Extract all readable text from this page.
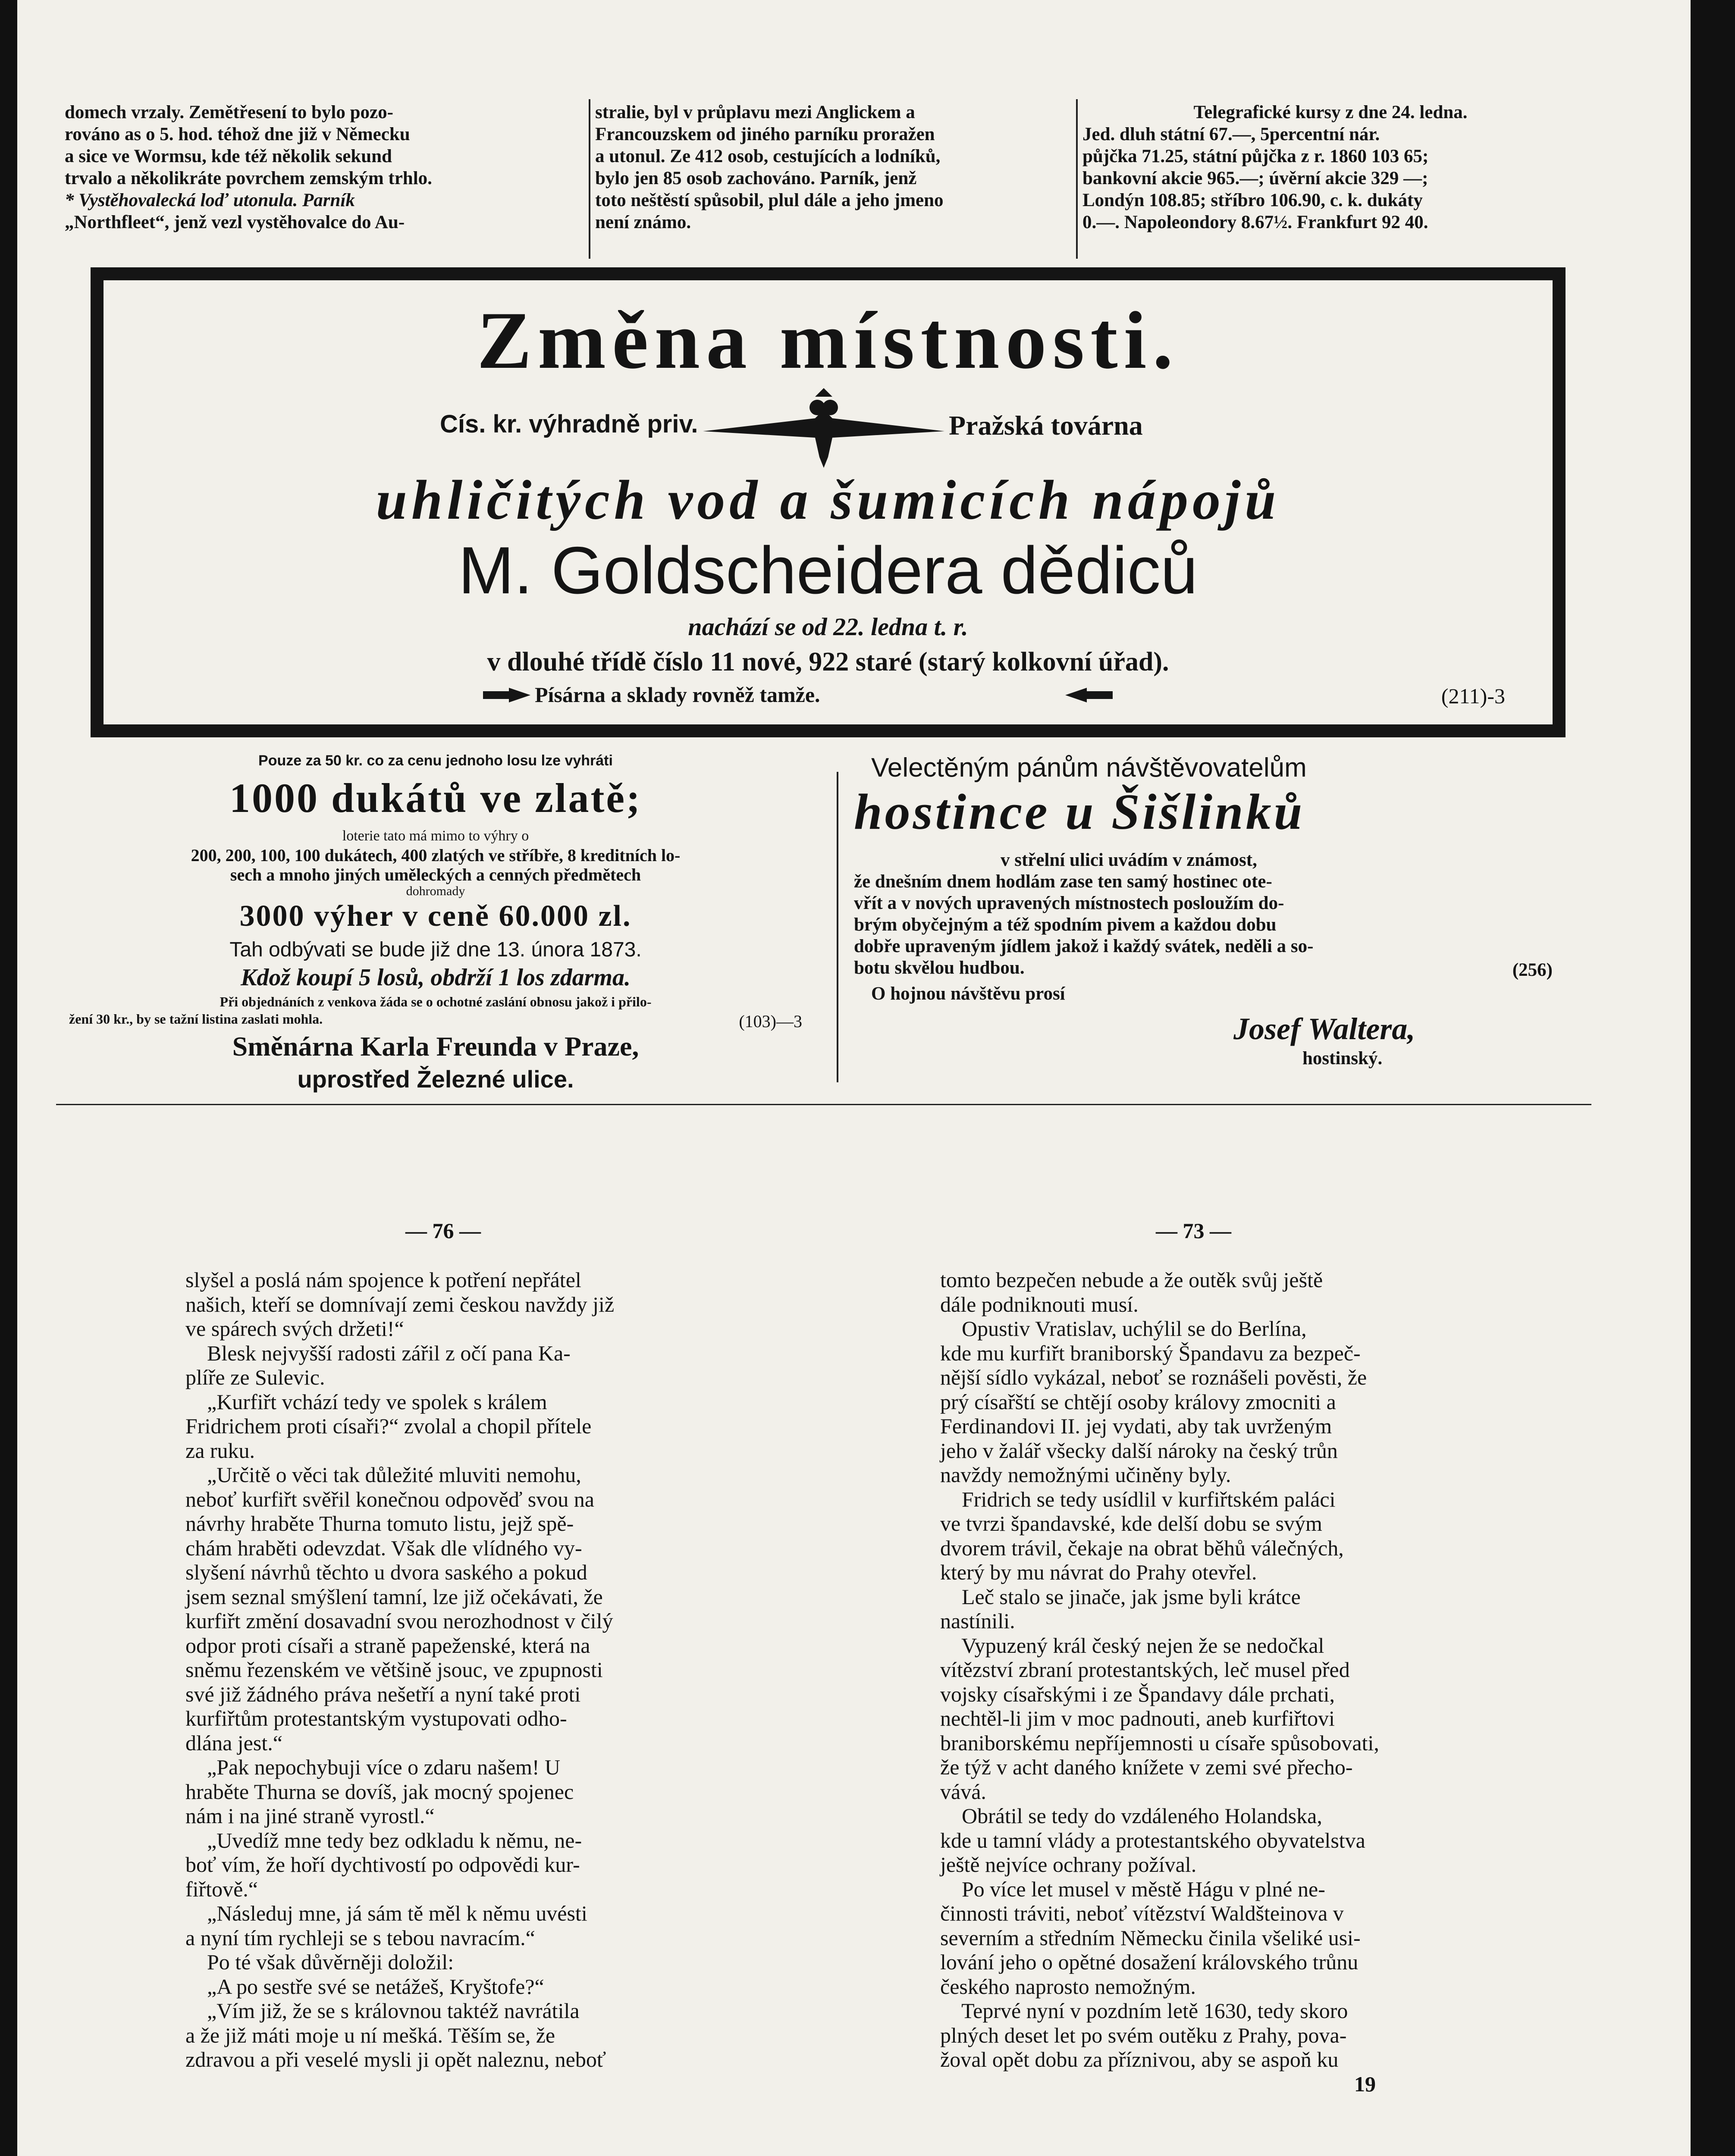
domech vrzaly. Zemětřesení to bylo pozo-
rováno as o 5. hod. téhož dne již v Německu
a sice ve Wormsu, kde též několik sekund
trvalo a několikráte povrchem zemským trhlo.
* Vystěhovalecká loď utonula. Parník
„Northfleet“, jenž vezl vystěhovalce do Au-
stralie, byl v průplavu mezi Anglickem a
Francouzskem od jiného parníku proražen
a utonul. Ze 412 osob, cestujících a lodníků,
bylo jen 85 osob zachováno. Parník, jenž
toto neštěstí spůsobil, plul dále a jeho jmeno
není známo.
Telegrafické kursy z dne 24. ledna.
Jed. dluh státní 67.—, 5percentní nár.
půjčka 71.25, státní půjčka z r. 1860 103 65;
bankovní akcie 965.—; úvěrní akcie 329 —;
Londýn 108.85; stříbro 106.90, c. k. dukáty
0.—. Napoleondory 8.67½. Frankfurt 92 40.
Změna místnosti.
Cís. kr. výhradně priv.	Pražská továrna
uhličitých vod a šumicích nápojů
M. Goldscheidera dědiců
nachází se od 22. ledna t. r.
v dlouhé třídě číslo 11 nové, 922 staré (starý kolkovní úřad).
Písárna a sklady rovněž tamže.	(211)-3
Pouze za 50 kr. co za cenu jednoho losu lze vyhráti
1000 dukátů ve zlatě;
loterie tato má mimo to výhry o
200, 200, 100, 100 dukátech, 400 zlatých ve stříbře, 8 kreditních lo-
sech a mnoho jiných uměleckých a cenných předmětech
dohromady
3000 výher v ceně 60.000 zl.
Tah odbývati se bude již dne 13. února 1873.
Kdož koupí 5 losů, obdrží 1 los zdarma.
Při objednáních z venkova žáda se o ochotné zaslání obnosu jakož i přilo-
žení 30 kr., by se tažní listina zaslati mohla.	(103)—3
Směnárna Karla Freunda v Praze,
uprostřed Železné ulice.
Velectěným pánům návštěvovatelům
hostince u Šišlinků
v střelní ulici uvádím v známost,
že dnešním dnem hodlám zase ten samý hostinec ote-
vřít a v nových upravených místnostech posloužím do-
brým obyčejným a též spodním pivem a každou dobu
dobře upraveným jídlem jakož i každý svátek, neděli a so-
botu skvělou hudbou.	(256)
O hojnou návštěvu prosí
Josef Waltera,
hostinský.
— 76 —
slyšel a poslá nám spojence k potření nepřátel
našich, kteří se domnívají zemi českou navždy již
ve spárech svých držeti!“
Blesk nejvyšší radosti zářil z očí pana Ka-
plíře ze Sulevic.
„Kurfiřt vchází tedy ve spolek s králem
Fridrichem proti císaři?“ zvolal a chopil přítele
za ruku.
„Určitě o věci tak důležité mluviti nemohu,
neboť kurfiřt svěřil konečnou odpověď svou na
návrhy hraběte Thurna tomuto listu, jejž spě-
chám hraběti odevzdat. Však dle vlídného vy-
slyšení návrhů těchto u dvora saského a pokud
jsem seznal smýšlení tamní, lze již očekávati, že
kurfiřt změní dosavadní svou nerozhodnost v čilý
odpor proti císaři a straně papeženské, která na
sněmu řezenském ve většině jsouc, ve zpupnosti
své již žádného práva nešetří a nyní také proti
kurfiřtům protestantským vystupovati odho-
dlána jest.“
„Pak nepochybuji více o zdaru našem! U
hraběte Thurna se dovíš, jak mocný spojenec
nám i na jiné straně vyrostl.“
„Uvedíž mne tedy bez odkladu k němu, ne-
boť vím, že hoří dychtivostí po odpovědi kur-
fiřtově.“
„Následuj mne, já sám tě měl k němu uvésti
a nyní tím rychleji se s tebou navracím.“
Po té však důvěrněji doložil:
„A po sestře své se netážeš, Kryštofe?“
„Vím již, že se s královnou taktéž navrátila
a že již máti moje u ní mešká. Těším se, že
zdravou a při veselé mysli ji opět naleznu, neboť
— 73 —
tomto bezpečen nebude a že outěk svůj ještě
dále podniknouti musí.
Opustiv Vratislav, uchýlil se do Berlína,
kde mu kurfiřt braniborský Špandavu za bezpeč-
nější sídlo vykázal, neboť se roznášeli pověsti, že
prý císařští se chtějí osoby královy zmocniti a
Ferdinandovi II. jej vydati, aby tak uvrženým
jeho v žalář všecky další nároky na český trůn
navždy nemožnými učiněny byly.
Fridrich se tedy usídlil v kurfiřtském paláci
ve tvrzi špandavské, kde delší dobu se svým
dvorem trávil, čekaje na obrat běhů válečných,
který by mu návrat do Prahy otevřel.
Leč stalo se jinače, jak jsme byli krátce
nastínili.
Vypuzený král český nejen že se nedočkal
vítězství zbraní protestantských, leč musel před
vojsky císařskými i ze Špandavy dále prchati,
nechtěl-li jim v moc padnouti, aneb kurfiřtovi
braniborskému nepříjemnosti u císaře spůsobovati,
že týž v acht daného knížete v zemi své přecho-
vává.
Obrátil se tedy do vzdáleného Holandska,
kde u tamní vlády a protestantského obyvatelstva
ještě nejvíce ochrany požíval.
Po více let musel v městě Hágu v plné ne-
činnosti tráviti, neboť vítězství Waldšteinova v
severním a středním Německu činila všeliké usi-
lování jeho o opětné dosažení královského trůnu
českého naprosto nemožným.
Teprvé nyní v pozdním letě 1630, tedy skoro
plných deset let po svém outěku z Prahy, pova-
žoval opět dobu za příznivou, aby se aspoň ku
19
